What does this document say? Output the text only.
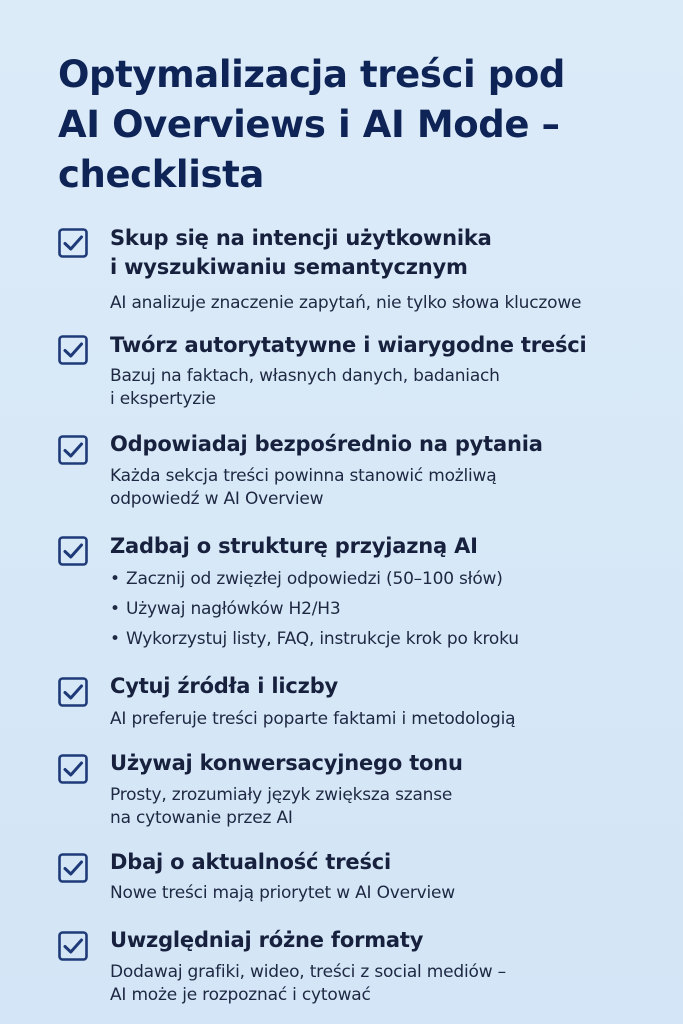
Optymalizacja treści pod
AI Overviews i AI Mode –
checklista
Skup się na intencji użytkownika
i wyszukiwaniu semantycznym

AI analizuje znaczenie zapytań, nie tylko słowa kluczowe

Twórz autorytatywne i wiarygodne treści

Bazuj na faktach, własnych danych, badaniach
i ekspertyzie

Odpowiadaj bezpośrednio na pytania

Każda sekcja treści powinna stanowić możliwą
odpowiedź w AI Overview

Zadbaj o strukturę przyjazną AI
• Zacznij od zwięzłej odpowiedzi (50–100 słów)
• Używaj nagłówków H2/H3
• Wykorzystuj listy, FAQ, instrukcje krok po kroku
Cytuj źródła i liczby

AI preferuje treści poparte faktami i metodologią

Używaj konwersacyjnego tonu

Prosty, zrozumiały język zwiększa szanse
na cytowanie przez AI

Dbaj o aktualność treści

Nowe treści mają priorytet w AI Overview

Uwzględniaj różne formaty

Dodawaj grafiki, wideo, treści z social mediów –
AI może je rozpoznać i cytować
